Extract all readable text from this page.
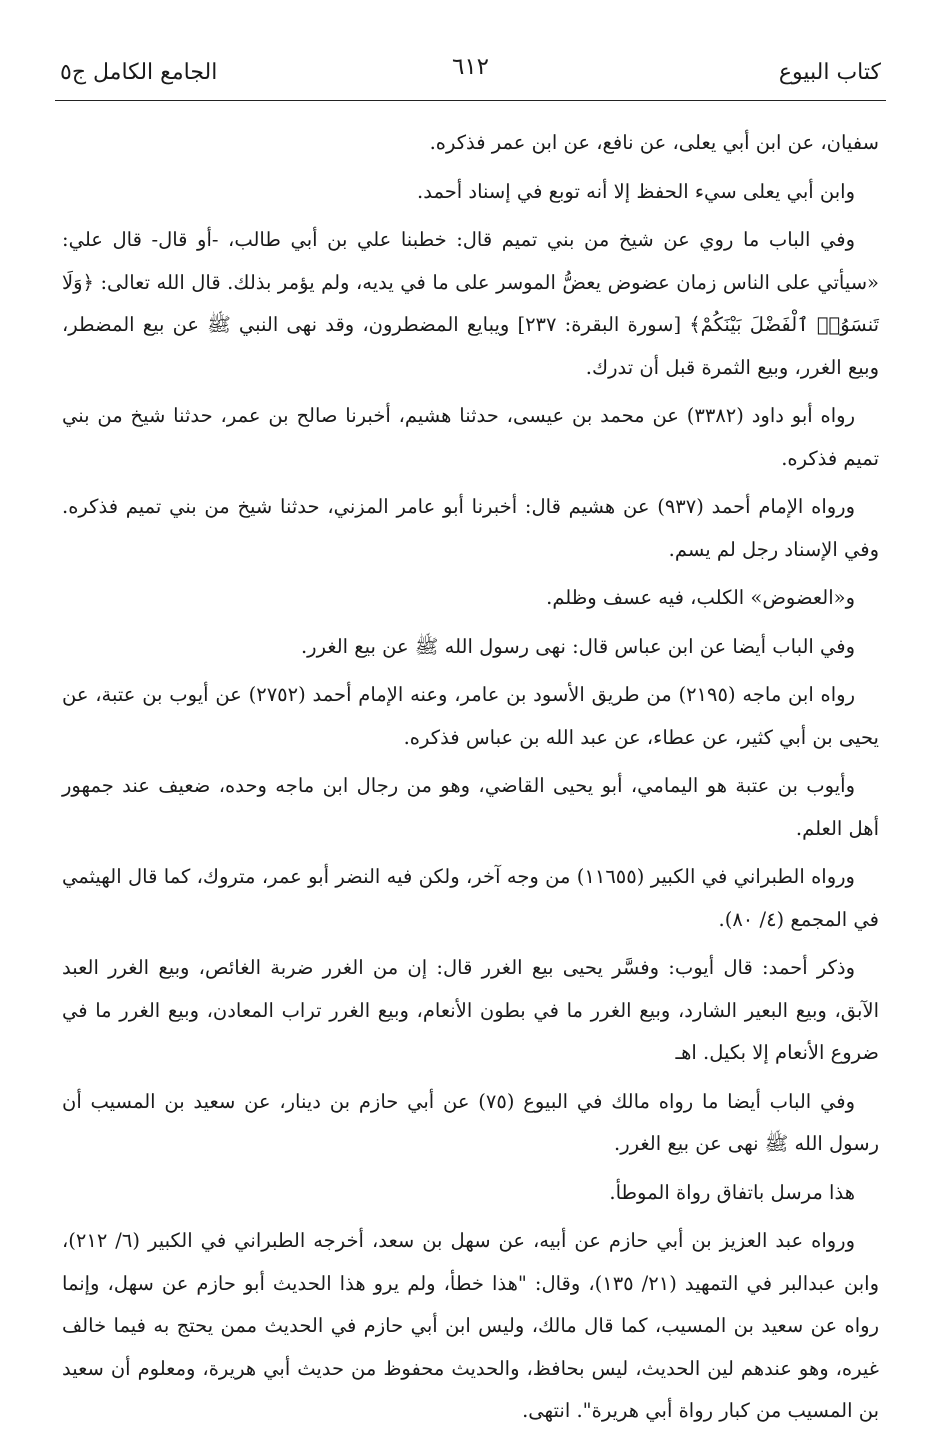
كتاب البيوع
٦١٢
الجامع الكامل ج٥

سفيان، عن ابن أبي يعلى، عن نافع، عن ابن عمر فذكره.

وابن أبي يعلى سيء الحفظ إلا أنه توبع في إسناد أحمد.

وفي الباب ما روي عن شيخ من بني تميم قال: خطبنا علي بن أبي طالب، -أو قال- قال علي: «سيأتي على الناس زمان عضوض يعضُّ الموسر على ما في يديه، ولم يؤمر بذلك. قال الله تعالى: ﴿وَلَا تَنسَوُا۟ ٱلْفَضْلَ بَيْنَكُمْ﴾ [سورة البقرة: ٢٣٧] ويبايع المضطرون، وقد نهى النبي ﷺ عن بيع المضطر، وبيع الغرر، وبيع الثمرة قبل أن تدرك.

رواه أبو داود (٣٣٨٢) عن محمد بن عيسى، حدثنا هشيم، أخبرنا صالح بن عمر، حدثنا شيخ من بني تميم فذكره.

ورواه الإمام أحمد (٩٣٧) عن هشيم قال: أخبرنا أبو عامر المزني، حدثنا شيخ من بني تميم فذكره. وفي الإسناد رجل لم يسم.

و«العضوض» الكلب، فيه عسف وظلم.

وفي الباب أيضا عن ابن عباس قال: نهى رسول الله ﷺ عن بيع الغرر.

رواه ابن ماجه (٢١٩٥) من طريق الأسود بن عامر، وعنه الإمام أحمد (٢٧٥٢) عن أيوب بن عتبة، عن يحيى بن أبي كثير، عن عطاء، عن عبد الله بن عباس فذكره.

وأيوب بن عتبة هو اليمامي، أبو يحيى القاضي، وهو من رجال ابن ماجه وحده، ضعيف عند جمهور أهل العلم.

ورواه الطبراني في الكبير (١١٦٥٥) من وجه آخر، ولكن فيه النضر أبو عمر، متروك، كما قال الهيثمي في المجمع (٤/ ٨٠).

وذكر أحمد: قال أيوب: وفسَّر يحيى بيع الغرر قال: إن من الغرر ضربة الغائص، وبيع الغرر العبد الآبق، وبيع البعير الشارد، وبيع الغرر ما في بطون الأنعام، وبيع الغرر تراب المعادن، وبيع الغرر ما في ضروع الأنعام إلا بكيل. اهـ

وفي الباب أيضا ما رواه مالك في البيوع (٧٥) عن أبي حازم بن دينار، عن سعيد بن المسيب أن رسول الله ﷺ نهى عن بيع الغرر.

هذا مرسل باتفاق رواة الموطأ.

ورواه عبد العزيز بن أبي حازم عن أبيه، عن سهل بن سعد، أخرجه الطبراني في الكبير (٦/ ٢١٢)، وابن عبدالبر في التمهيد (٢١/ ١٣٥)، وقال: "هذا خطأ، ولم يرو هذا الحديث أبو حازم عن سهل، وإنما رواه عن سعيد بن المسيب، كما قال مالك، وليس ابن أبي حازم في الحديث ممن يحتج به فيما خالف غيره، وهو عندهم لين الحديث، ليس بحافظ، والحديث محفوظ من حديث أبي هريرة، ومعلوم أن سعيد بن المسيب من كبار رواة أبي هريرة". انتهى.
